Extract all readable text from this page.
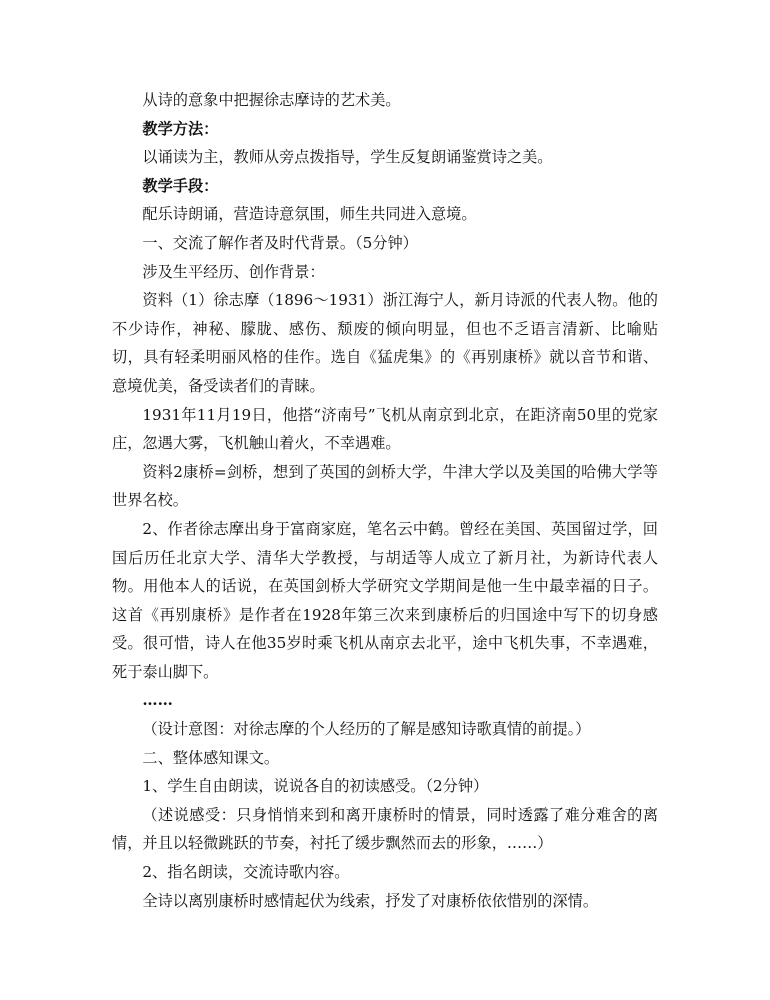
从诗的意象中把握徐志摩诗的艺术美。

教学方法：

以诵读为主，教师从旁点拨指导，学生反复朗诵鉴赏诗之美。

教学手段：

配乐诗朗诵，营造诗意氛围，师生共同进入意境。

一、交流了解作者及时代背景。（5分钟）

涉及生平经历、创作背景：

资料（1）徐志摩（1896～1931）浙江海宁人，新月诗派的代表人物。他的不少诗作，神秘、朦胧、感伤、颓废的倾向明显，但也不乏语言清新、比喻贴切，具有轻柔明丽风格的佳作。选自《猛虎集》的《再别康桥》就以音节和谐、意境优美，备受读者们的青睐。

1931年11月19日，他搭“济南号”飞机从南京到北京，在距济南50里的党家庄，忽遇大雾，飞机触山着火，不幸遇难。

资料2康桥=剑桥，想到了英国的剑桥大学，牛津大学以及美国的哈佛大学等世界名校。

2、作者徐志摩出身于富商家庭，笔名云中鹤。曾经在美国、英国留过学，回国后历任北京大学、清华大学教授，与胡适等人成立了新月社，为新诗代表人物。用他本人的话说，在英国剑桥大学研究文学期间是他一生中最幸福的日子。这首《再别康桥》是作者在1928年第三次来到康桥后的归国途中写下的切身感受。很可惜，诗人在他35岁时乘飞机从南京去北平，途中飞机失事，不幸遇难，死于泰山脚下。

……

（设计意图：对徐志摩的个人经历的了解是感知诗歌真情的前提。）

二、整体感知课文。

1、学生自由朗读，说说各自的初读感受。（2分钟）

（述说感受：只身悄悄来到和离开康桥时的情景，同时透露了难分难舍的离情，并且以轻微跳跃的节奏，衬托了缓步飘然而去的形象，……）

2、指名朗读，交流诗歌内容。

全诗以离别康桥时感情起伏为线索，抒发了对康桥依依惜别的深情。
